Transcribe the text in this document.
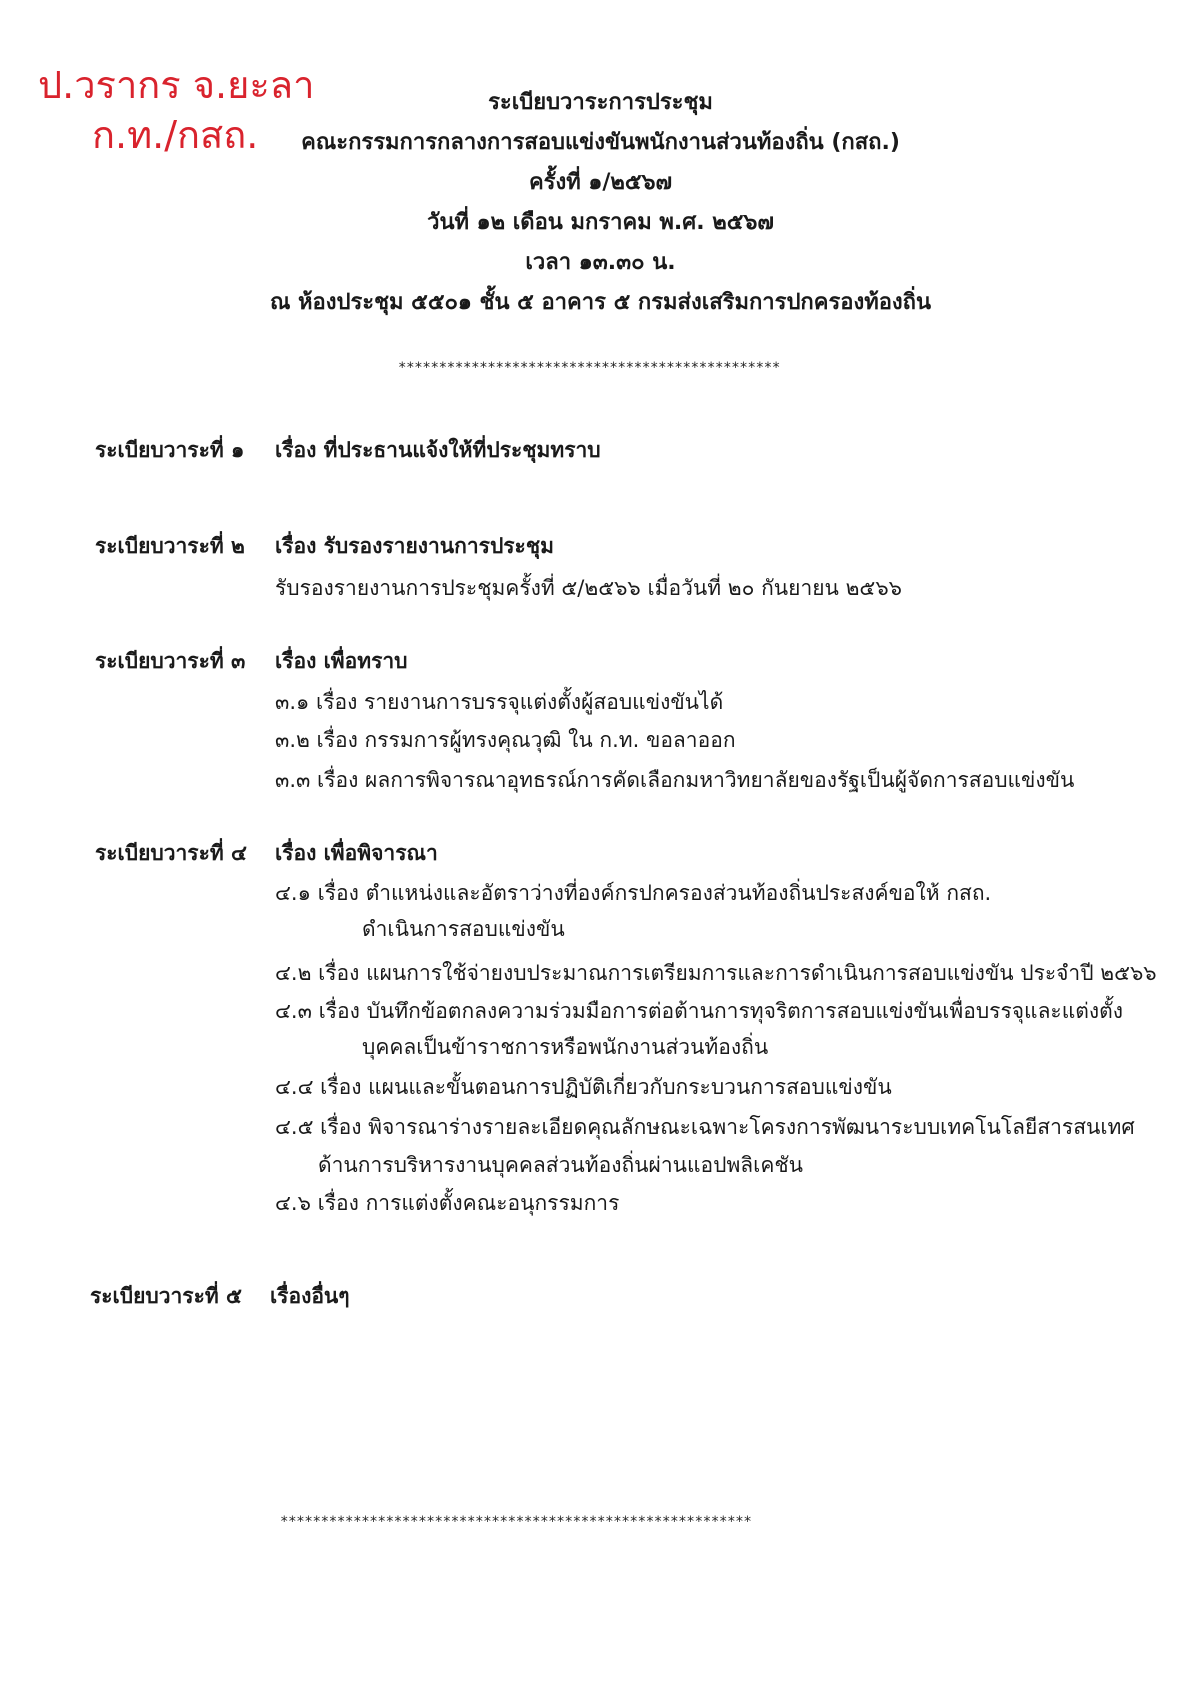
ป.วรากร จ.ยะลา
ก.ท./กสถ.
ระเบียบวาระการประชุม
คณะกรรมการกลางการสอบแข่งขันพนักงานส่วนท้องถิ่น (กสถ.)
ครั้งที่ ๑/๒๕๖๗
วันที่ ๑๒ เดือน มกราคม พ.ศ. ๒๕๖๗
เวลา ๑๓.๓๐ น.
ณ ห้องประชุม ๕๕๐๑ ชั้น ๕ อาคาร ๕ กรมส่งเสริมการปกครองท้องถิ่น
***********************************************
ระเบียบวาระที่ ๑ เรื่อง ที่ประธานแจ้งให้ที่ประชุมทราบ
ระเบียบวาระที่ ๒ เรื่อง รับรองรายงานการประชุม
รับรองรายงานการประชุมครั้งที่ ๕/๒๕๖๖ เมื่อวันที่ ๒๐ กันยายน ๒๕๖๖
ระเบียบวาระที่ ๓ เรื่อง เพื่อทราบ
๓.๑ เรื่อง รายงานการบรรจุแต่งตั้งผู้สอบแข่งขันได้
๓.๒ เรื่อง กรรมการผู้ทรงคุณวุฒิ ใน ก.ท. ขอลาออก
๓.๓ เรื่อง ผลการพิจารณาอุทธรณ์การคัดเลือกมหาวิทยาลัยของรัฐเป็นผู้จัดการสอบแข่งขัน
ระเบียบวาระที่ ๔ เรื่อง เพื่อพิจารณา
๔.๑ เรื่อง ตำแหน่งและอัตราว่างที่องค์กรปกครองส่วนท้องถิ่นประสงค์ขอให้ กสถ.
ดำเนินการสอบแข่งขัน
๔.๒ เรื่อง แผนการใช้จ่ายงบประมาณการเตรียมการและการดำเนินการสอบแข่งขัน ประจำปี ๒๕๖๖
๔.๓ เรื่อง บันทึกข้อตกลงความร่วมมือการต่อต้านการทุจริตการสอบแข่งขันเพื่อบรรจุและแต่งตั้ง
บุคคลเป็นข้าราชการหรือพนักงานส่วนท้องถิ่น
๔.๔ เรื่อง แผนและขั้นตอนการปฏิบัติเกี่ยวกับกระบวนการสอบแข่งขัน
๔.๕ เรื่อง พิจารณาร่างรายละเอียดคุณลักษณะเฉพาะโครงการพัฒนาระบบเทคโนโลยีสารสนเทศ
ด้านการบริหารงานบุคคลส่วนท้องถิ่นผ่านแอปพลิเคชัน
๔.๖ เรื่อง การแต่งตั้งคณะอนุกรรมการ
ระเบียบวาระที่ ๕ เรื่องอื่นๆ
**********************************************************
